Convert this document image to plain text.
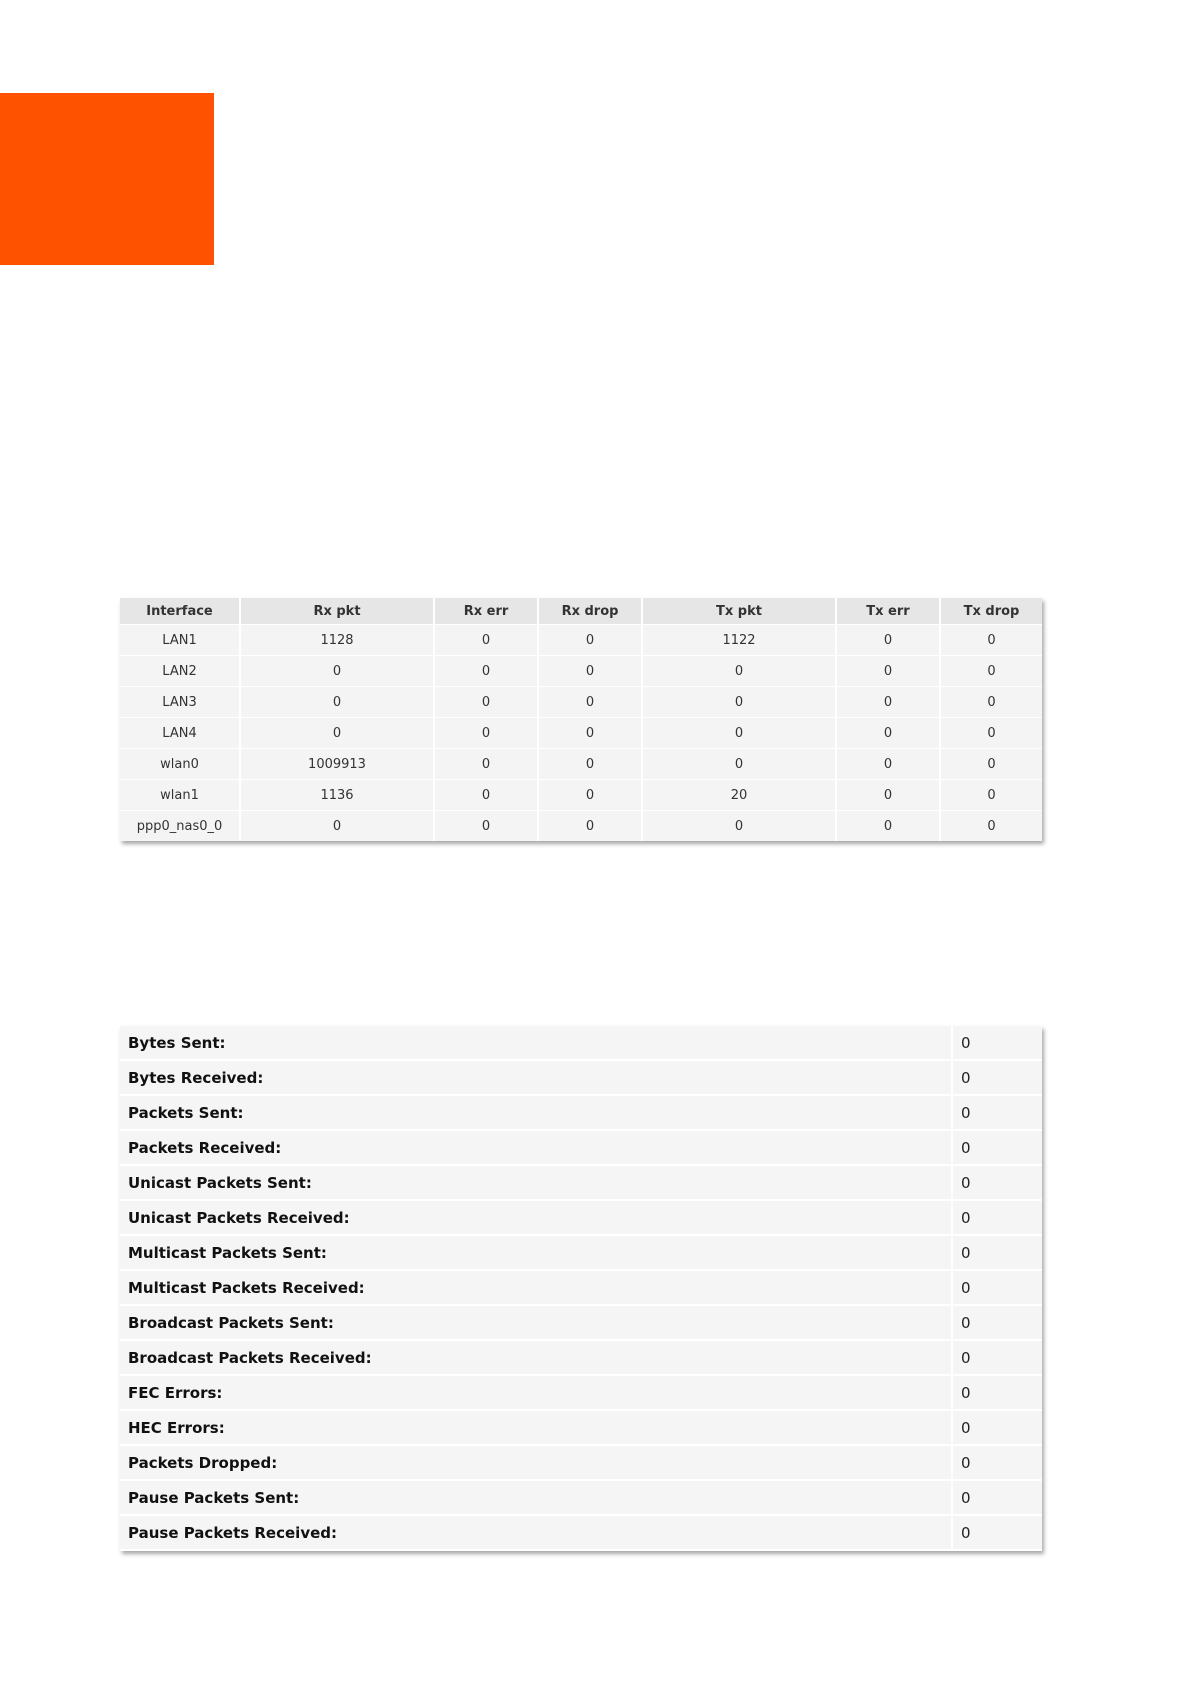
Interface	Rx pkt	Rx err	Rx drop	Tx pkt	Tx err	Tx drop
LAN1	1128	0	0	1122	0	0
LAN2	0	0	0	0	0	0
LAN3	0	0	0	0	0	0
LAN4	0	0	0	0	0	0
wlan0	1009913	0	0	0	0	0
wlan1	1136	0	0	20	0	0
ppp0_nas0_0	0	0	0	0	0	0
Bytes Sent:	0
Bytes Received:	0
Packets Sent:	0
Packets Received:	0
Unicast Packets Sent:	0
Unicast Packets Received:	0
Multicast Packets Sent:	0
Multicast Packets Received:	0
Broadcast Packets Sent:	0
Broadcast Packets Received:	0
FEC Errors:	0
HEC Errors:	0
Packets Dropped:	0
Pause Packets Sent:	0
Pause Packets Received:	0
